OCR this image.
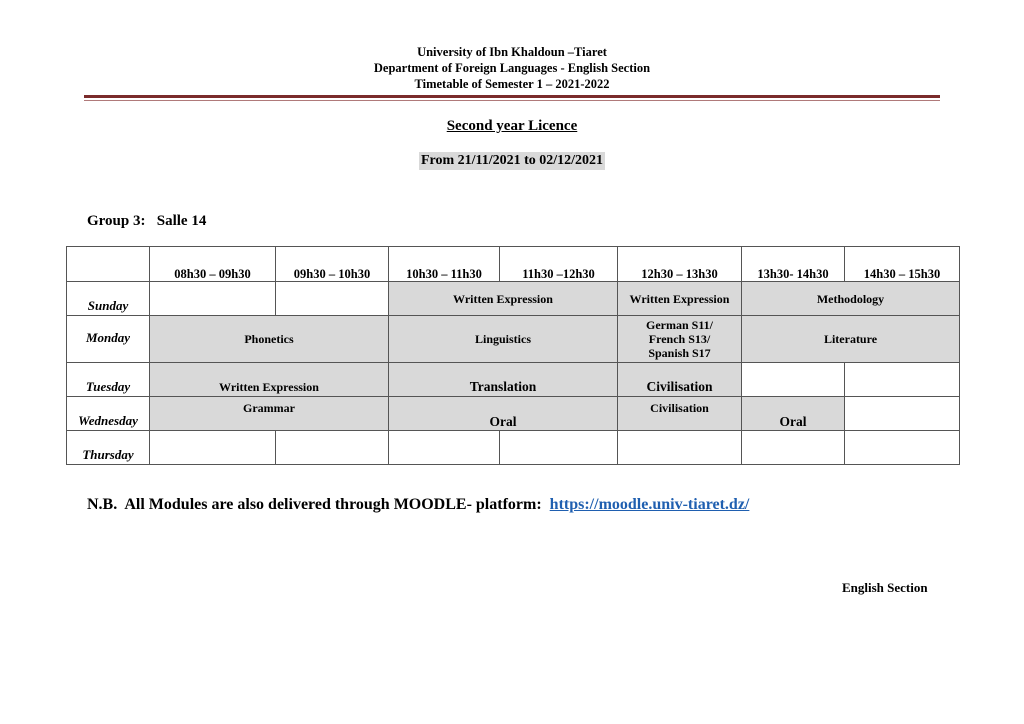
University of Ibn Khaldoun –Tiaret
Department of Foreign Languages - English Section
Timetable of Semester 1 – 2021-2022
Second year Licence
From 21/11/2021 to 02/12/2021
Group 3:   Salle 14
	08h30 – 09h30	09h30 – 10h30	10h30 – 11h30	11h30 –12h30	12h30 – 13h30	13h30- 14h30	14h30 – 15h30
Sunday			Written Expression		Written Expression	Methodology	
Monday	Phonetics		Linguistics		German S11/
French S13/
Spanish S17	Literature	
Tuesday	Written Expression		Translation		Civilisation		
Wednesday	Grammar		Oral		Civilisation	Oral	
Thursday							
N.B.  All Modules are also delivered through MOODLE- platform:  https://moodle.univ-tiaret.dz/
English Section
